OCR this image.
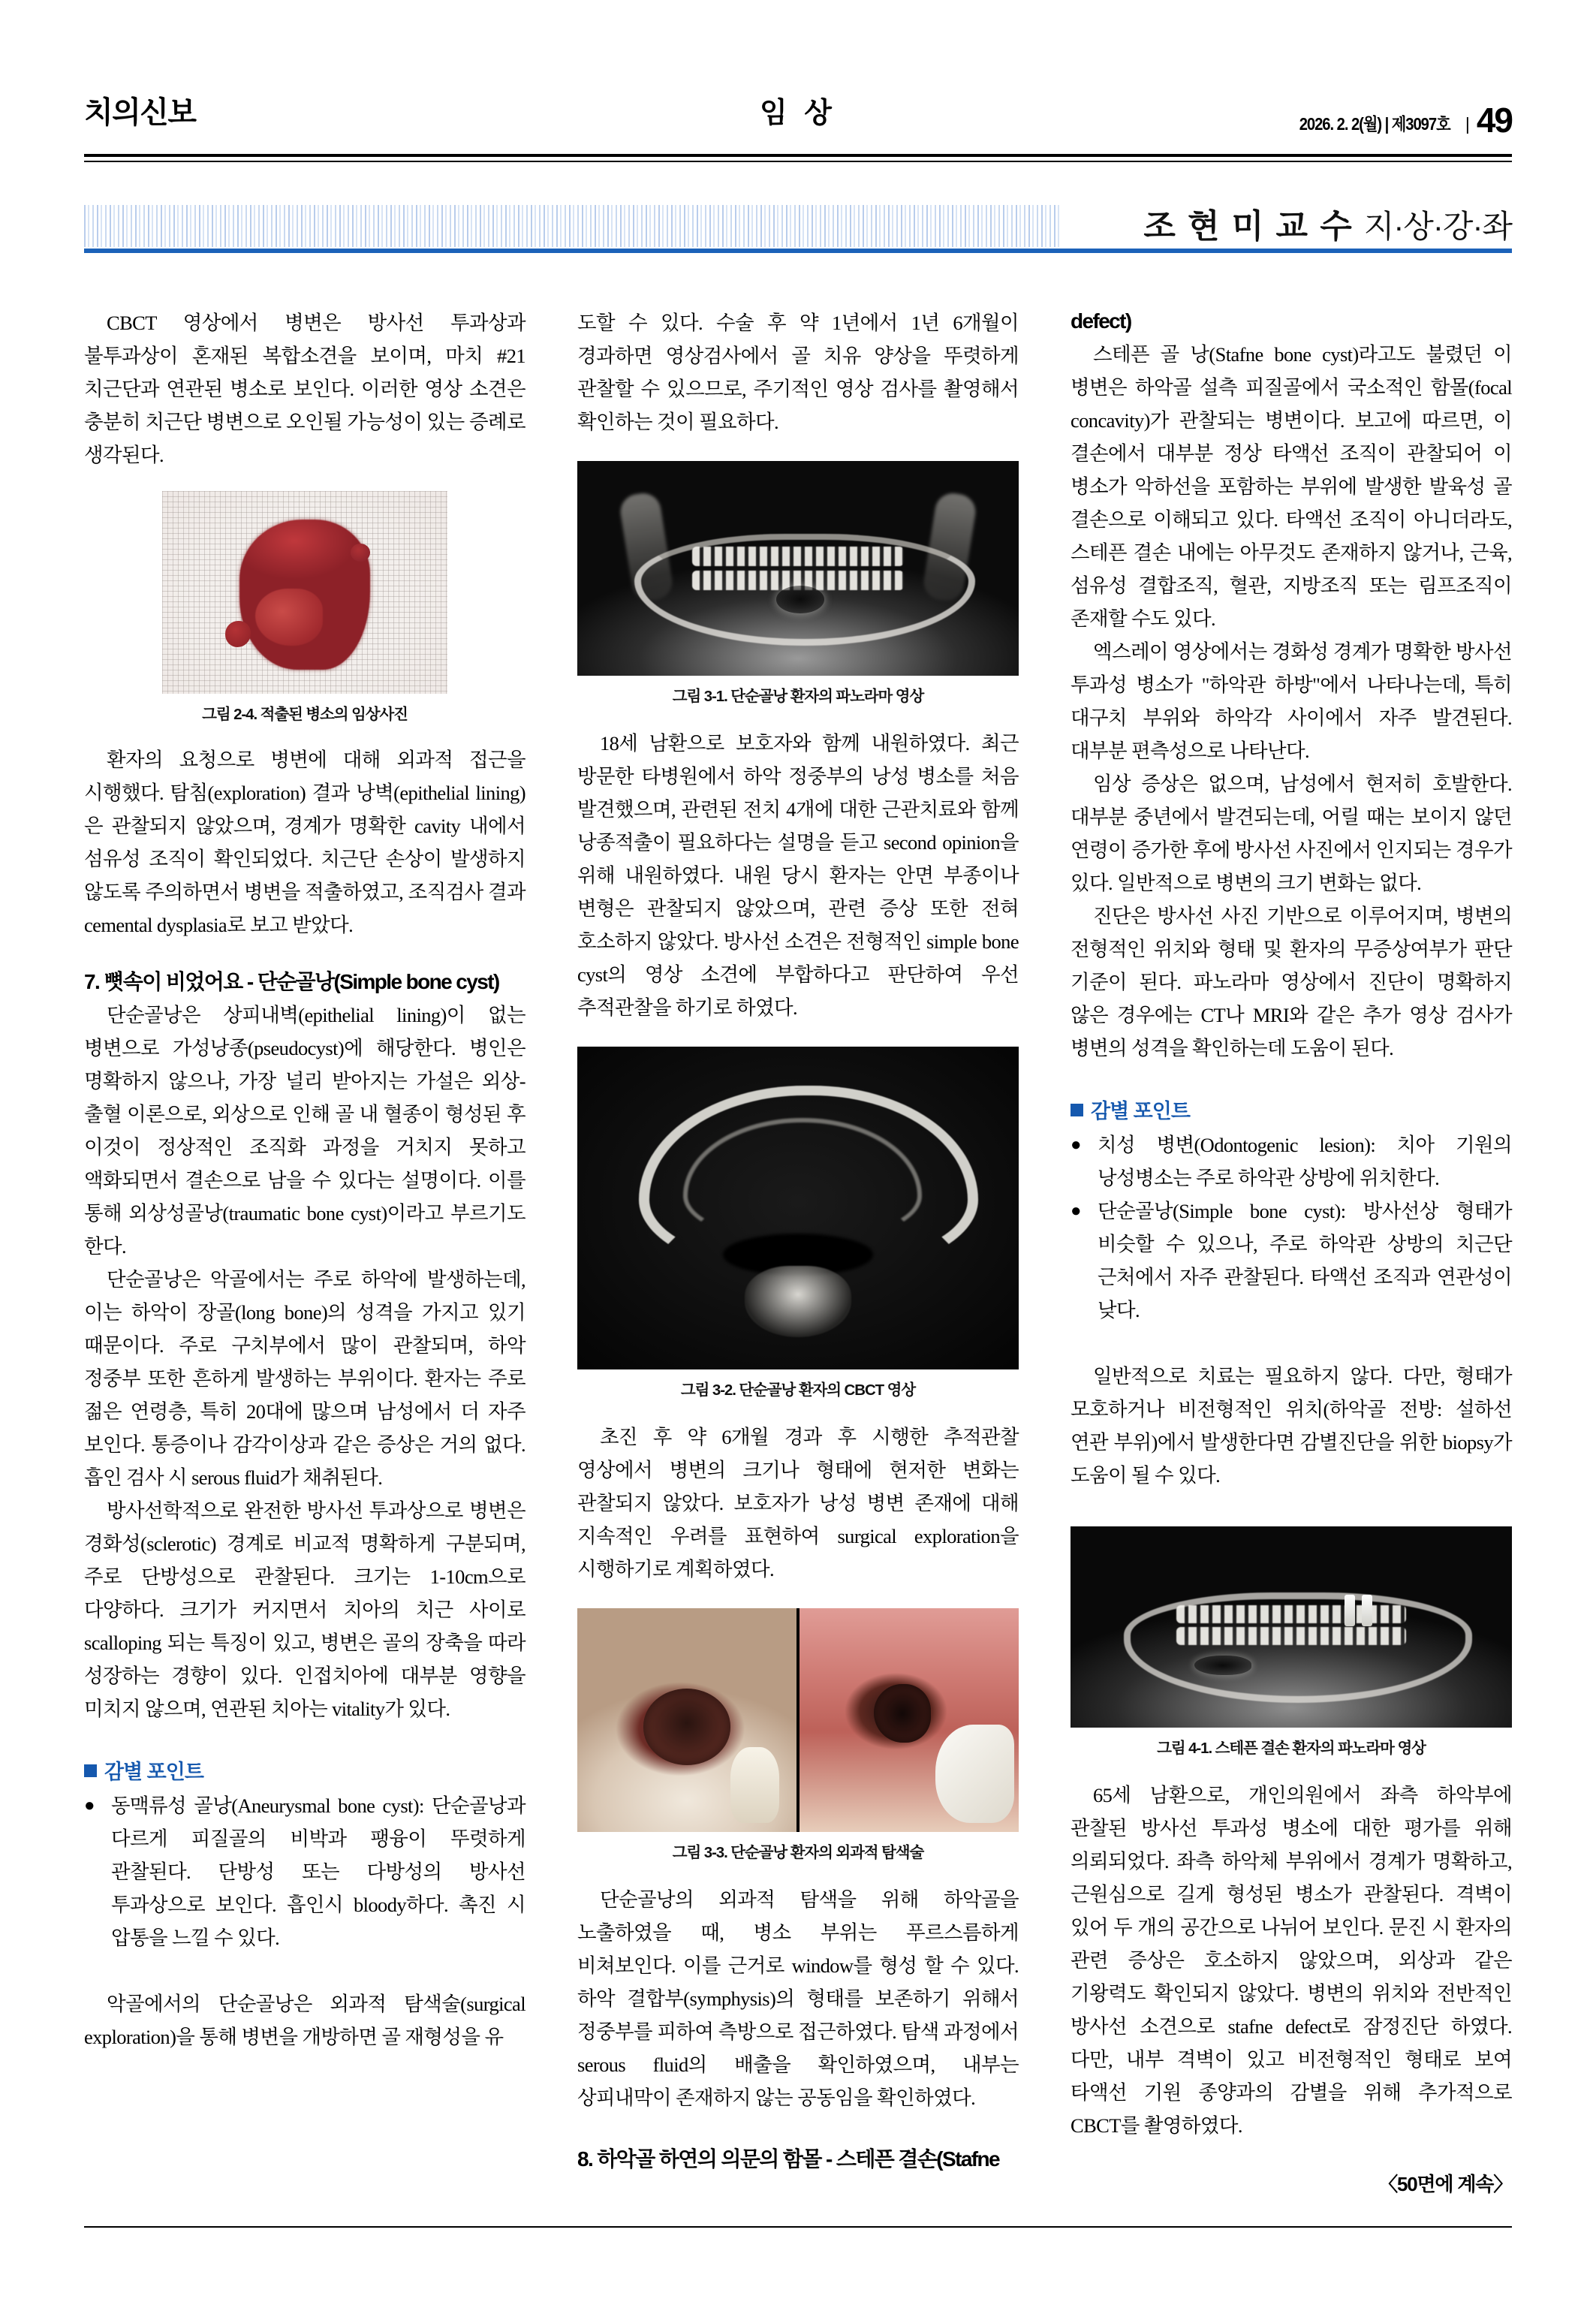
치의신보	임 상	2026. 2. 2(월) | 제3097호 | 49
조 현 미 교 수 지·상·강·좌

CBCT 영상에서 병변은 방사선 투과상과 불투과상이 혼재된 복합소견을 보이며, 마치 #21 치근단과 연관된 병소로 보인다. 이러한 영상 소견은 충분히 치근단 병변으로 오인될 가능성이 있는 증례로 생각된다.

그림 2-4. 적출된 병소의 임상사진

환자의 요청으로 병변에 대해 외과적 접근을 시행했다. 탐침(exploration) 결과 낭벽(epithelial lining)은 관찰되지 않았으며, 경계가 명확한 cavity 내에서 섬유성 조직이 확인되었다. 치근단 손상이 발생하지 않도록 주의하면서 병변을 적출하였고, 조직검사 결과 cemental dysplasia로 보고 받았다.

7. 뼛속이 비었어요 - 단순골낭(Simple bone cyst)

단순골낭은 상피내벽(epithelial lining)이 없는 병변으로 가성낭종(pseudocyst)에 해당한다. 병인은 명확하지 않으나, 가장 널리 받아지는 가설은 외상-출혈 이론으로, 외상으로 인해 골 내 혈종이 형성된 후 이것이 정상적인 조직화 과정을 거치지 못하고 액화되면서 결손으로 남을 수 있다는 설명이다. 이를 통해 외상성골낭(traumatic bone cyst)이라고 부르기도 한다.

단순골낭은 악골에서는 주로 하악에 발생하는데, 이는 하악이 장골(long bone)의 성격을 가지고 있기 때문이다. 주로 구치부에서 많이 관찰되며, 하악 정중부 또한 흔하게 발생하는 부위이다. 환자는 주로 젊은 연령층, 특히 20대에 많으며 남성에서 더 자주 보인다. 통증이나 감각이상과 같은 증상은 거의 없다. 흡인 검사 시 serous fluid가 채취된다.

방사선학적으로 완전한 방사선 투과상으로 병변은 경화성(sclerotic) 경계로 비교적 명확하게 구분되며, 주로 단방성으로 관찰된다. 크기는 1-10cm으로 다양하다. 크기가 커지면서 치아의 치근 사이로 scalloping 되는 특징이 있고, 병변은 골의 장축을 따라 성장하는 경향이 있다. 인접치아에 대부분 영향을 미치지 않으며, 연관된 치아는 vitality가 있다.

감별 포인트
● 동맥류성 골낭(Aneurysmal bone cyst): 단순골낭과 다르게 피질골의 비박과 팽융이 뚜렷하게 관찰된다. 단방성 또는 다방성의 방사선 투과상으로 보인다. 흡인시 bloody하다. 촉진 시 압통을 느낄 수 있다.

악골에서의 단순골낭은 외과적 탐색술(surgical exploration)을 통해 병변을 개방하면 골 재형성을 유

도할 수 있다. 수술 후 약 1년에서 1년 6개월이 경과하면 영상검사에서 골 치유 양상을 뚜렷하게 관찰할 수 있으므로, 주기적인 영상 검사를 촬영해서 확인하는 것이 필요하다.

그림 3-1. 단순골낭 환자의 파노라마 영상

18세 남환으로 보호자와 함께 내원하였다. 최근 방문한 타병원에서 하악 정중부의 낭성 병소를 처음 발견했으며, 관련된 전치 4개에 대한 근관치료와 함께 낭종적출이 필요하다는 설명을 듣고 second opinion을 위해 내원하였다. 내원 당시 환자는 안면 부종이나 변형은 관찰되지 않았으며, 관련 증상 또한 전혀 호소하지 않았다. 방사선 소견은 전형적인 simple bone cyst의 영상 소견에 부합하다고 판단하여 우선 추적관찰을 하기로 하였다.

그림 3-2. 단순골낭 환자의 CBCT 영상

초진 후 약 6개월 경과 후 시행한 추적관찰 영상에서 병변의 크기나 형태에 현저한 변화는 관찰되지 않았다. 보호자가 낭성 병변 존재에 대해 지속적인 우려를 표현하여 surgical exploration을 시행하기로 계획하였다.

그림 3-3. 단순골낭 환자의 외과적 탐색술

단순골낭의 외과적 탐색을 위해 하악골을 노출하였을 때, 병소 부위는 푸르스름하게 비쳐보인다. 이를 근거로 window를 형성 할 수 있다. 하악 결합부(symphysis)의 형태를 보존하기 위해서 정중부를 피하여 측방으로 접근하였다. 탐색 과정에서 serous fluid의 배출을 확인하였으며, 내부는 상피내막이 존재하지 않는 공동임을 확인하였다.

8. 하악골 하연의 의문의 함몰 - 스테픈 결손(Stafne
defect)

스테픈 골 낭(Stafne bone cyst)라고도 불렸던 이 병변은 하악골 설측 피질골에서 국소적인 함몰(focal concavity)가 관찰되는 병변이다. 보고에 따르면, 이 결손에서 대부분 정상 타액선 조직이 관찰되어 이 병소가 악하선을 포함하는 부위에 발생한 발육성 골 결손으로 이해되고 있다. 타액선 조직이 아니더라도, 스테픈 결손 내에는 아무것도 존재하지 않거나, 근육, 섬유성 결합조직, 혈관, 지방조직 또는 림프조직이 존재할 수도 있다.

엑스레이 영상에서는 경화성 경계가 명확한 방사선 투과성 병소가 "하악관 하방"에서 나타나는데, 특히 대구치 부위와 하악각 사이에서 자주 발견된다. 대부분 편측성으로 나타난다.

임상 증상은 없으며, 남성에서 현저히 호발한다. 대부분 중년에서 발견되는데, 어릴 때는 보이지 않던 연령이 증가한 후에 방사선 사진에서 인지되는 경우가 있다. 일반적으로 병변의 크기 변화는 없다.

진단은 방사선 사진 기반으로 이루어지며, 병변의 전형적인 위치와 형태 및 환자의 무증상여부가 판단 기준이 된다. 파노라마 영상에서 진단이 명확하지 않은 경우에는 CT나 MRI와 같은 추가 영상 검사가 병변의 성격을 확인하는데 도움이 된다.

감별 포인트
● 치성 병변(Odontogenic lesion): 치아 기원의 낭성병소는 주로 하악관 상방에 위치한다.
● 단순골낭(Simple bone cyst): 방사선상 형태가 비슷할 수 있으나, 주로 하악관 상방의 치근단 근처에서 자주 관찰된다. 타액선 조직과 연관성이 낮다.

일반적으로 치료는 필요하지 않다. 다만, 형태가 모호하거나 비전형적인 위치(하악골 전방: 설하선 연관 부위)에서 발생한다면 감별진단을 위한 biopsy가 도움이 될 수 있다.

그림 4-1. 스테픈 결손 환자의 파노라마 영상

65세 남환으로, 개인의원에서 좌측 하악부에 관찰된 방사선 투과성 병소에 대한 평가를 위해 의뢰되었다. 좌측 하악체 부위에서 경계가 명확하고, 근원심으로 길게 형성된 병소가 관찰된다. 격벽이 있어 두 개의 공간으로 나뉘어 보인다. 문진 시 환자의 관련 증상은 호소하지 않았으며, 외상과 같은 기왕력도 확인되지 않았다. 병변의 위치와 전반적인 방사선 소견으로 stafne defect로 잠정진단 하였다. 다만, 내부 격벽이 있고 비전형적인 형태로 보여 타액선 기원 종양과의 감별을 위해 추가적으로 CBCT를 촬영하였다.

〈50면에 계속〉
